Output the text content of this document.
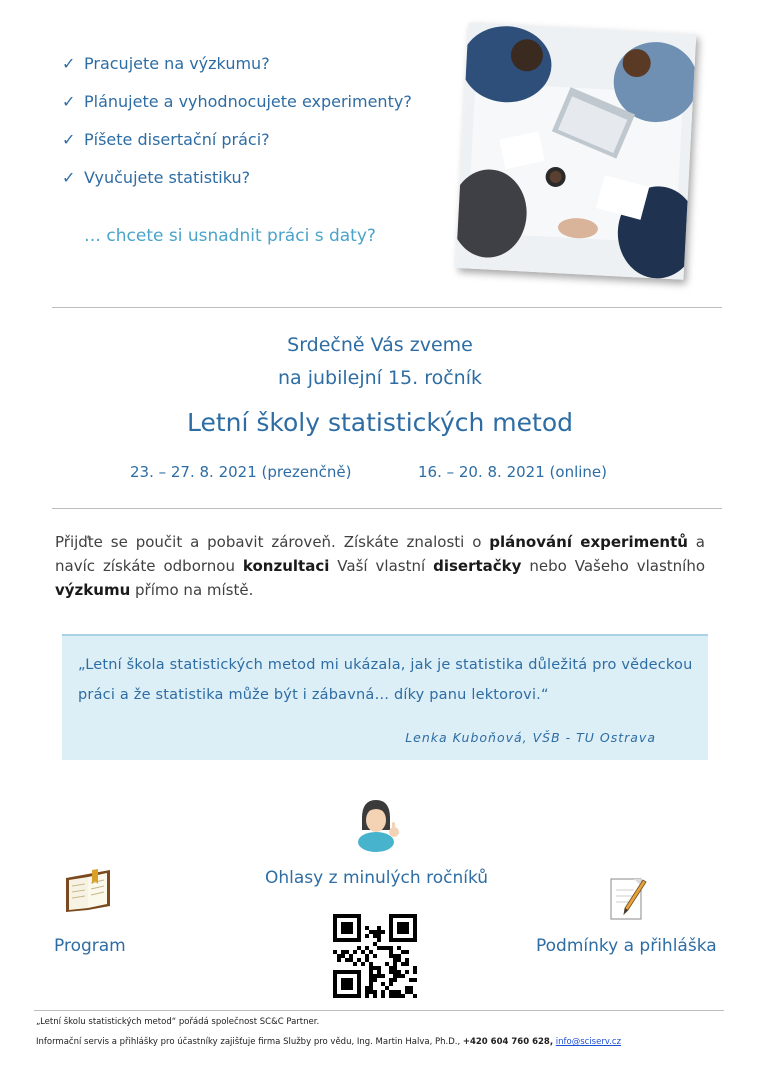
✓ Pracujete na výzkumu?
✓ Plánujete a vyhodnocujete experimenty?
✓ Píšete disertační práci?
✓ Vyučujete statistiku?
… chcete si usnadnit práci s daty?
Srdečně Vás zveme
na jubilejní 15. ročník
Letní školy statistických metod
23. – 27. 8. 2021 (prezenčně)	16. – 20. 8. 2021 (online)
Přijďte se poučit a pobavit zároveň. Získáte znalosti o plánování experimentů a navíc získáte odbornou konzultaci Vaší vlastní disertačky nebo Vašeho vlastního výzkumu přímo na místě.
„Letní škola statistických metod mi ukázala, jak je statistika důležitá pro vědeckou práci a že statistika může být i zábavná… díky panu lektorovi.“
Lenka Kuboňová, VŠB - TU Ostrava
Ohlasy z minulých ročníků
Program	Podmínky a přihláška
„Letní školu statistických metod“ pořádá společnost SC&C Partner.
Informační servis a přihlášky pro účastníky zajišťuje firma Služby pro vědu, Ing. Martin Halva, Ph.D., +420 604 760 628, info@sciserv.cz
